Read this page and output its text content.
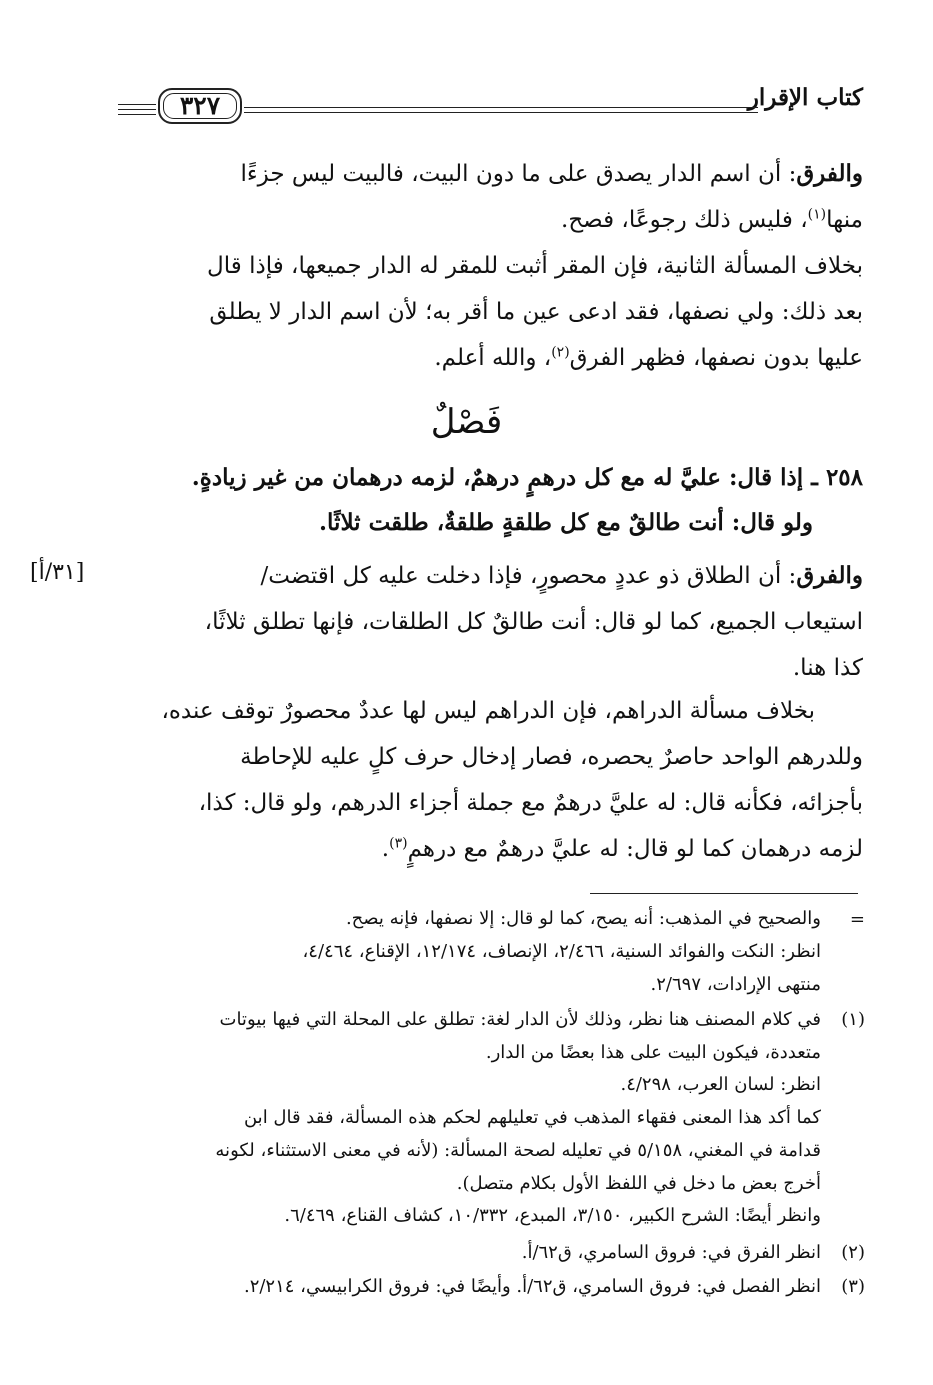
كتاب الإقرار
٣٢٧
والفرق: أن اسم الدار يصدق على ما دون البيت، فالبيت ليس جزءًا
منها$^{(١)}$، فليس ذلك رجوعًا، فصح.
بخلاف المسألة الثانية، فإن المقر أثبت للمقر له الدار جميعها، فإذا قال
بعد ذلك: ولي نصفها، فقد ادعى عين ما أقر به؛ لأن اسم الدار لا يطلق
عليها بدون نصفها، فظهر الفرق$^{(٢)}$، والله أعلم.
فَصْلٌ
٢٥٨ ـ إذا قال: عليَّ له مع كل درهمٍ درهمٌ، لزمه درهمان من غير زيادةٍ.
ولو قال: أنت طالقٌ مع كل طلقةٍ طلقةٌ، طلقت ثلاثًا.
[٣١/أ]	والفرق: أن الطلاق ذو عددٍ محصورٍ، فإذا دخلت عليه كل اقتضت/
استيعاب الجميع، كما لو قال: أنت طالقٌ كل الطلقات، فإنها تطلق ثلاثًا،
كذا هنا.
بخلاف مسألة الدراهم، فإن الدراهم ليس لها عددٌ محصورٌ توقف عنده،
وللدرهم الواحد حاصرٌ يحصره، فصار إدخال حرف كلٍ عليه للإحاطة
بأجزائه، فكأنه قال: له عليَّ درهمٌ مع جملة أجزاء الدرهم، ولو قال: كذا،
لزمه درهمان كما لو قال: له عليَّ درهمٌ مع درهمٍ$^{(٣)}$.
=
والصحيح في المذهب: أنه يصح، كما لو قال: إلا نصفها، فإنه يصح.
انظر: النكت والفوائد السنية، ٢/٤٦٦، الإنصاف، ١٢/١٧٤، الإقناع، ٤/٤٦٤،
منتهى الإرادات، ٢/٦٩٧.
(١)
في كلام المصنف هنا نظر، وذلك لأن الدار لغة: تطلق على المحلة التي فيها بيوتات
متعددة، فيكون البيت على هذا بعضًا من الدار.
انظر: لسان العرب، ٤/٢٩٨.
كما أكد هذا المعنى فقهاء المذهب في تعليلهم لحكم هذه المسألة، فقد قال ابن
قدامة في المغني، ٥/١٥٨ في تعليله لصحة المسألة: (لأنه في معنى الاستثناء، لكونه
أخرج بعض ما دخل في اللفظ الأول بكلام متصل).
وانظر أيضًا: الشرح الكبير، ٣/١٥٠، المبدع، ١٠/٣٣٢، كشاف القناع، ٦/٤٦٩.
(٢)
انظر الفرق في: فروق السامري، ق٦٢/أ.
(٣)
انظر الفصل في: فروق السامري، ق٦٢/أ. وأيضًا في: فروق الكرابيسي، ٢/٢١٤.
